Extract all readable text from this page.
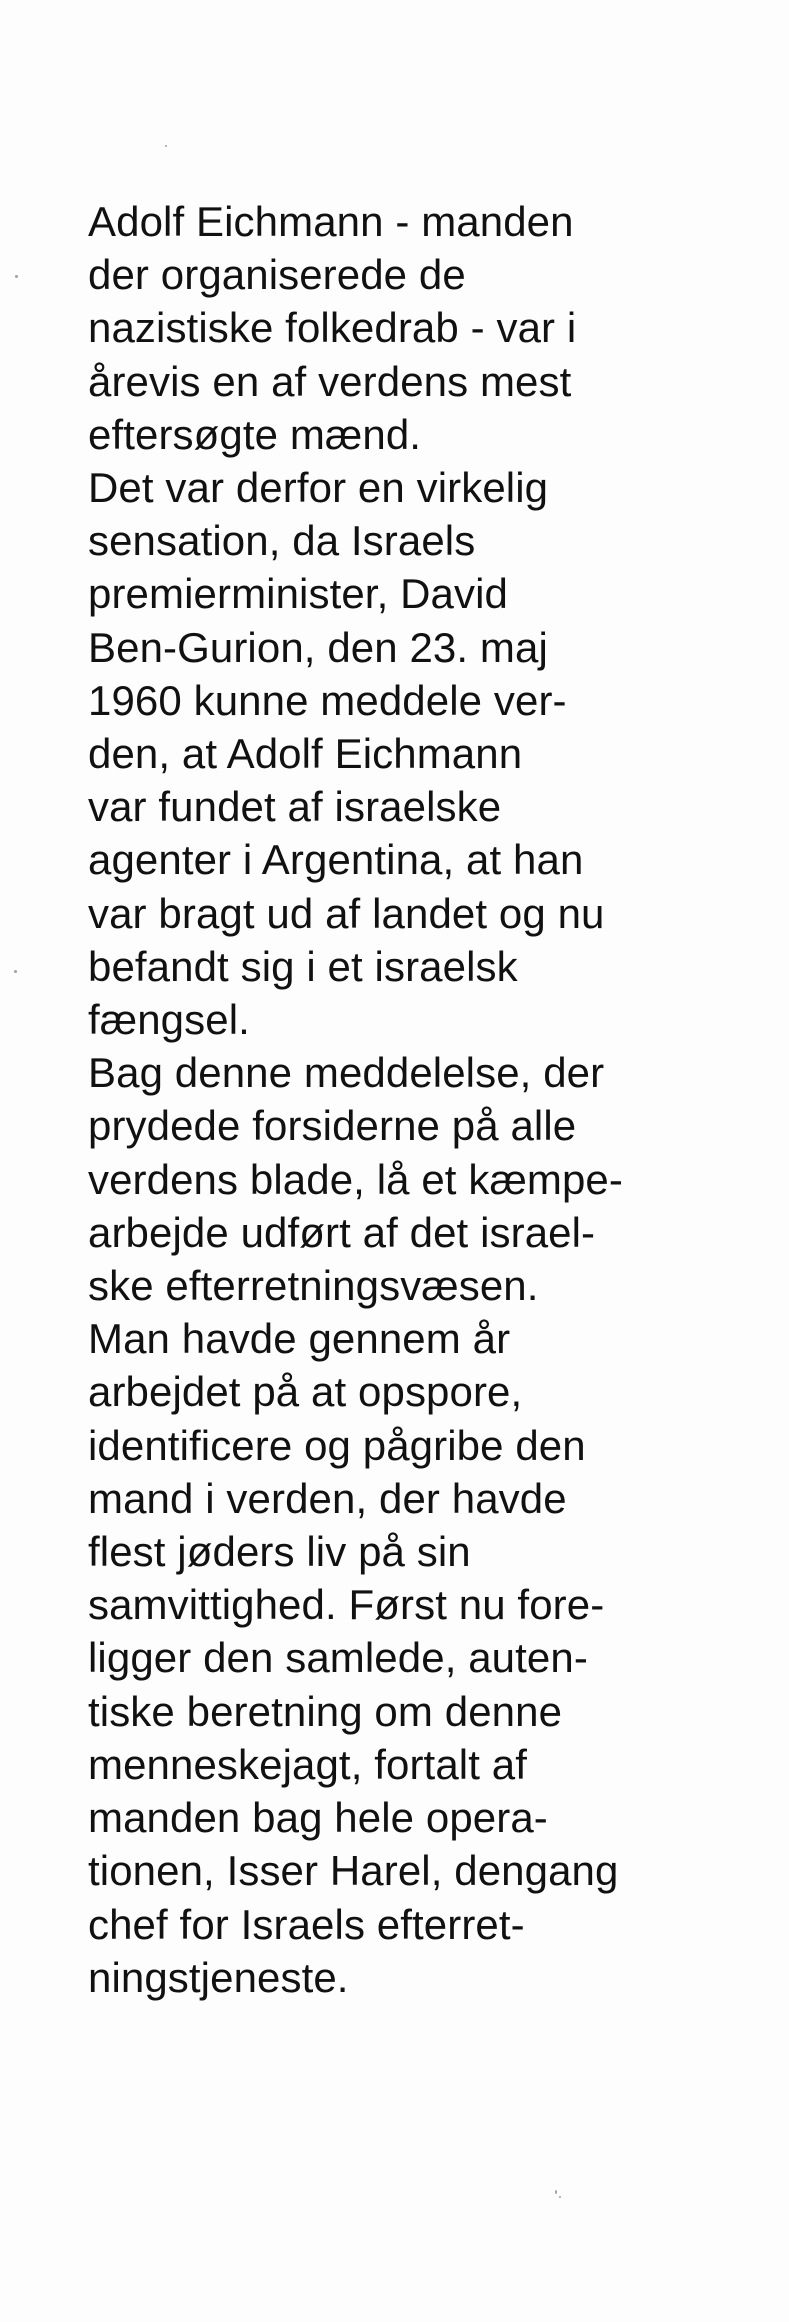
Adolf Eichmann - manden
der organiserede de
nazistiske folkedrab - var i
årevis en af verdens mest
eftersøgte mænd.
Det var derfor en virkelig
sensation, da Israels
premierminister, David
Ben-Gurion, den 23. maj
1960 kunne meddele ver-
den, at Adolf Eichmann
var fundet af israelske
agenter i Argentina, at han
var bragt ud af landet og nu
befandt sig i et israelsk
fængsel.
Bag denne meddelelse, der
prydede forsiderne på alle
verdens blade, lå et kæmpe-
arbejde udført af det israel-
ske efterretningsvæsen.
Man havde gennem år
arbejdet på at opspore,
identificere og pågribe den
mand i verden, der havde
flest jøders liv på sin
samvittighed. Først nu fore-
ligger den samlede, auten-
tiske beretning om denne
menneskejagt, fortalt af
manden bag hele opera-
tionen, Isser Harel, dengang
chef for Israels efterret-
ningstjeneste.
